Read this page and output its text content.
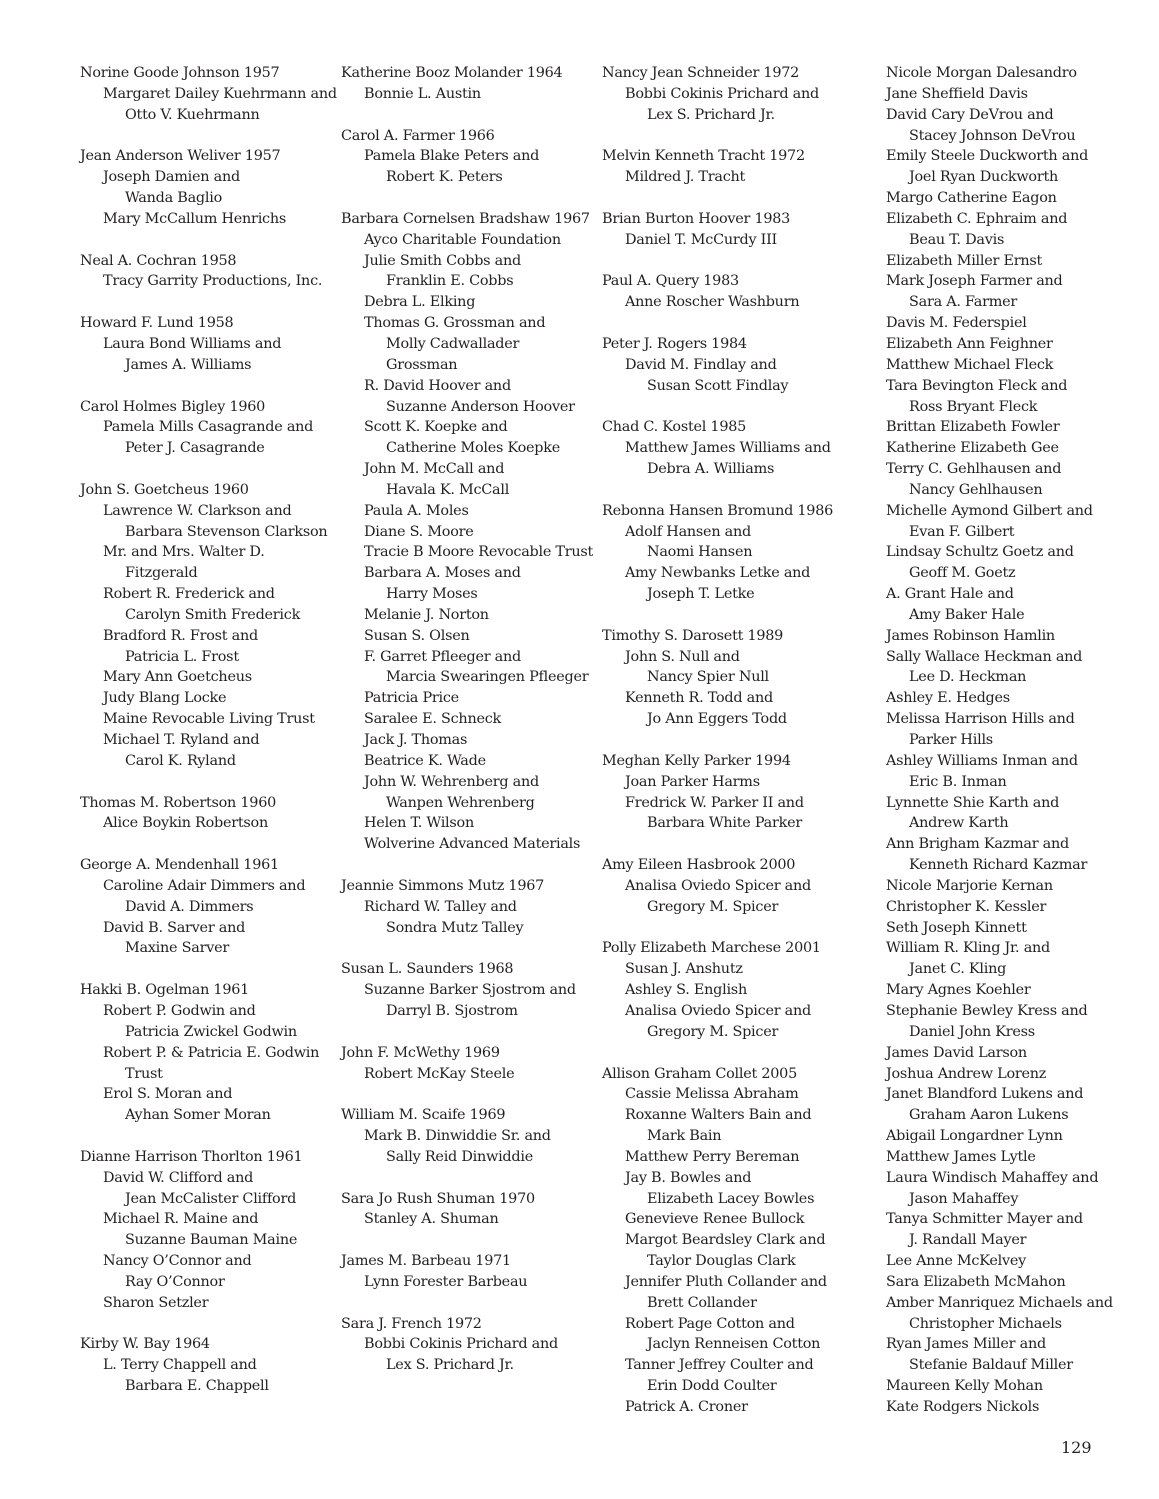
Norine Goode Johnson 1957
Margaret Dailey Kuehrmann and
Otto V. Kuehrmann
Jean Anderson Weliver 1957
Joseph Damien and
Wanda Baglio
Mary McCallum Henrichs
Neal A. Cochran 1958
Tracy Garrity Productions, Inc.
Howard F. Lund 1958
Laura Bond Williams and
James A. Williams
Carol Holmes Bigley 1960
Pamela Mills Casagrande and
Peter J. Casagrande
John S. Goetcheus 1960
Lawrence W. Clarkson and
Barbara Stevenson Clarkson
Mr. and Mrs. Walter D.
Fitzgerald
Robert R. Frederick and
Carolyn Smith Frederick
Bradford R. Frost and
Patricia L. Frost
Mary Ann Goetcheus
Judy Blang Locke
Maine Revocable Living Trust
Michael T. Ryland and
Carol K. Ryland
Thomas M. Robertson 1960
Alice Boykin Robertson
George A. Mendenhall 1961
Caroline Adair Dimmers and
David A. Dimmers
David B. Sarver and
Maxine Sarver
Hakki B. Ogelman 1961
Robert P. Godwin and
Patricia Zwickel Godwin
Robert P. & Patricia E. Godwin
Trust
Erol S. Moran and
Ayhan Somer Moran
Dianne Harrison Thorlton 1961
David W. Clifford and
Jean McCalister Clifford
Michael R. Maine and
Suzanne Bauman Maine
Nancy O’Connor and
Ray O’Connor
Sharon Setzler
Kirby W. Bay 1964
L. Terry Chappell and
Barbara E. Chappell
Katherine Booz Molander 1964
Bonnie L. Austin
Carol A. Farmer 1966
Pamela Blake Peters and
Robert K. Peters
Barbara Cornelsen Bradshaw 1967
Ayco Charitable Foundation
Julie Smith Cobbs and
Franklin E. Cobbs
Debra L. Elking
Thomas G. Grossman and
Molly Cadwallader
Grossman
R. David Hoover and
Suzanne Anderson Hoover
Scott K. Koepke and
Catherine Moles Koepke
John M. McCall and
Havala K. McCall
Paula A. Moles
Diane S. Moore
Tracie B Moore Revocable Trust
Barbara A. Moses and
Harry Moses
Melanie J. Norton
Susan S. Olsen
F. Garret Pfleeger and
Marcia Swearingen Pfleeger
Patricia Price
Saralee E. Schneck
Jack J. Thomas
Beatrice K. Wade
John W. Wehrenberg and
Wanpen Wehrenberg
Helen T. Wilson
Wolverine Advanced Materials
Jeannie Simmons Mutz 1967
Richard W. Talley and
Sondra Mutz Talley
Susan L. Saunders 1968
Suzanne Barker Sjostrom and
Darryl B. Sjostrom
John F. McWethy 1969
Robert McKay Steele
William M. Scaife 1969
Mark B. Dinwiddie Sr. and
Sally Reid Dinwiddie
Sara Jo Rush Shuman 1970
Stanley A. Shuman
James M. Barbeau 1971
Lynn Forester Barbeau
Sara J. French 1972
Bobbi Cokinis Prichard and
Lex S. Prichard Jr.
Nancy Jean Schneider 1972
Bobbi Cokinis Prichard and
Lex S. Prichard Jr.
Melvin Kenneth Tracht 1972
Mildred J. Tracht
Brian Burton Hoover 1983
Daniel T. McCurdy III
Paul A. Query 1983
Anne Roscher Washburn
Peter J. Rogers 1984
David M. Findlay and
Susan Scott Findlay
Chad C. Kostel 1985
Matthew James Williams and
Debra A. Williams
Rebonna Hansen Bromund 1986
Adolf Hansen and
Naomi Hansen
Amy Newbanks Letke and
Joseph T. Letke
Timothy S. Darosett 1989
John S. Null and
Nancy Spier Null
Kenneth R. Todd and
Jo Ann Eggers Todd
Meghan Kelly Parker 1994
Joan Parker Harms
Fredrick W. Parker II and
Barbara White Parker
Amy Eileen Hasbrook 2000
Analisa Oviedo Spicer and
Gregory M. Spicer
Polly Elizabeth Marchese 2001
Susan J. Anshutz
Ashley S. English
Analisa Oviedo Spicer and
Gregory M. Spicer
Allison Graham Collet 2005
Cassie Melissa Abraham
Roxanne Walters Bain and
Mark Bain
Matthew Perry Bereman
Jay B. Bowles and
Elizabeth Lacey Bowles
Genevieve Renee Bullock
Margot Beardsley Clark and
Taylor Douglas Clark
Jennifer Pluth Collander and
Brett Collander
Robert Page Cotton and
Jaclyn Renneisen Cotton
Tanner Jeffrey Coulter and
Erin Dodd Coulter
Patrick A. Croner
Nicole Morgan Dalesandro
Jane Sheffield Davis
David Cary DeVrou and
Stacey Johnson DeVrou
Emily Steele Duckworth and
Joel Ryan Duckworth
Margo Catherine Eagon
Elizabeth C. Ephraim and
Beau T. Davis
Elizabeth Miller Ernst
Mark Joseph Farmer and
Sara A. Farmer
Davis M. Federspiel
Elizabeth Ann Feighner
Matthew Michael Fleck
Tara Bevington Fleck and
Ross Bryant Fleck
Brittan Elizabeth Fowler
Katherine Elizabeth Gee
Terry C. Gehlhausen and
Nancy Gehlhausen
Michelle Aymond Gilbert and
Evan F. Gilbert
Lindsay Schultz Goetz and
Geoff M. Goetz
A. Grant Hale and
Amy Baker Hale
James Robinson Hamlin
Sally Wallace Heckman and
Lee D. Heckman
Ashley E. Hedges
Melissa Harrison Hills and
Parker Hills
Ashley Williams Inman and
Eric B. Inman
Lynnette Shie Karth and
Andrew Karth
Ann Brigham Kazmar and
Kenneth Richard Kazmar
Nicole Marjorie Kernan
Christopher K. Kessler
Seth Joseph Kinnett
William R. Kling Jr. and
Janet C. Kling
Mary Agnes Koehler
Stephanie Bewley Kress and
Daniel John Kress
James David Larson
Joshua Andrew Lorenz
Janet Blandford Lukens and
Graham Aaron Lukens
Abigail Longardner Lynn
Matthew James Lytle
Laura Windisch Mahaffey and
Jason Mahaffey
Tanya Schmitter Mayer and
J. Randall Mayer
Lee Anne McKelvey
Sara Elizabeth McMahon
Amber Manriquez Michaels and
Christopher Michaels
Ryan James Miller and
Stefanie Baldauf Miller
Maureen Kelly Mohan
Kate Rodgers Nickols
129
